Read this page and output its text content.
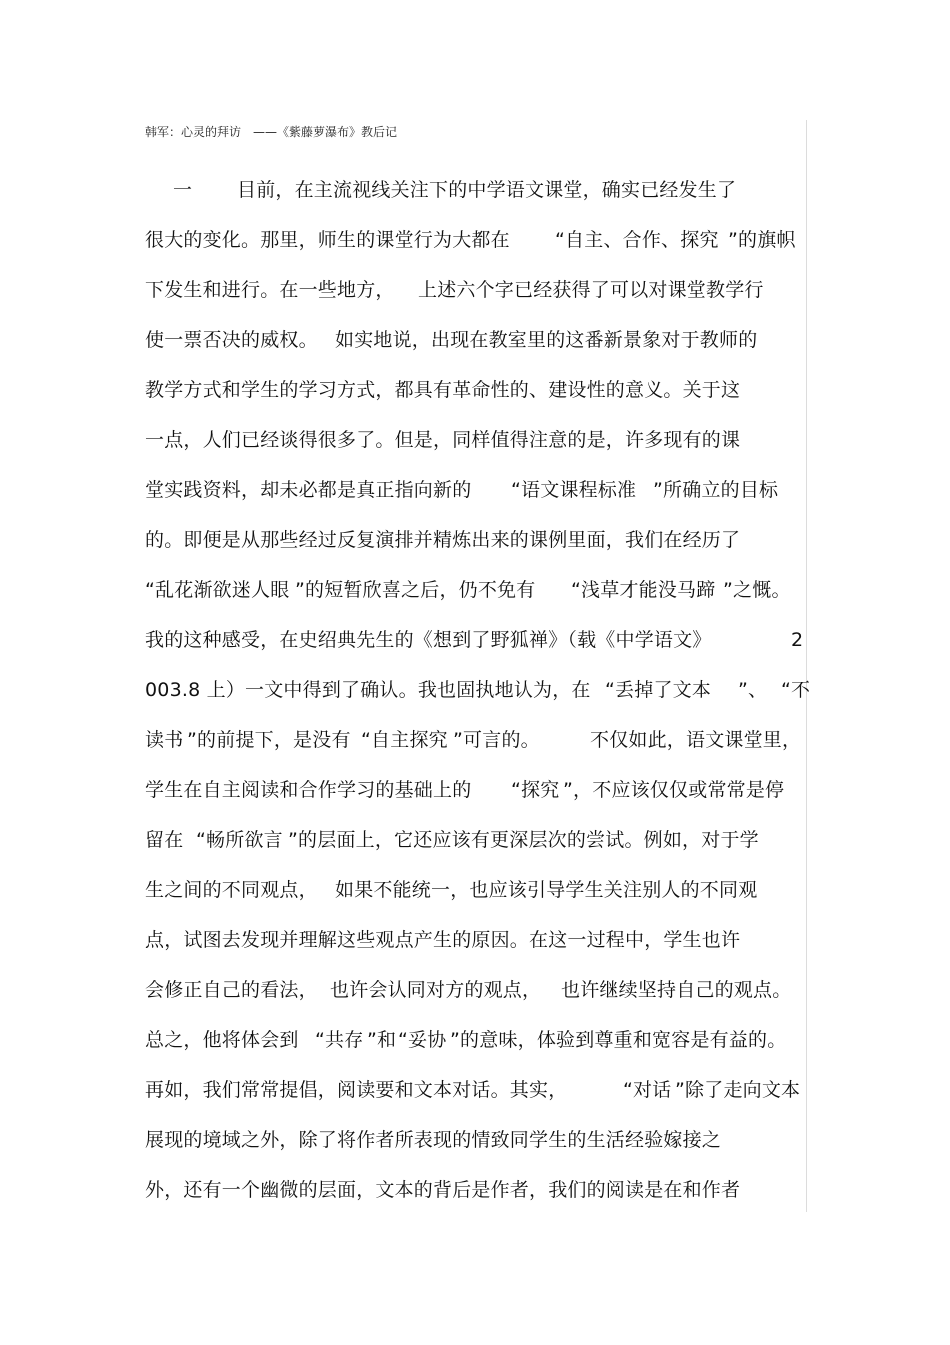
韩军：心灵的拜访　——《紫藤萝瀑布》教后记

一

目前，在主流视线关注下的中学语文课堂，确实已经发生了

很大的变化。那里，师生的课堂行为大都在

“自主、合作、探究

”的旗帜

下发生和进行。在一些地方，

上述六个字已经获得了可以对课堂教学行

使一票否决的威权。

如实地说，出现在教室里的这番新景象对于教师的

教学方式和学生的学习方式，都具有革命性的、建设性的意义。关于这

一点，人们已经谈得很多了。但是，同样值得注意的是，许多现有的课

堂实践资料，却未必都是真正指向新的

“语文课程标准

”所确立的目标

的。即便是从那些经过反复演排并精炼出来的课例里面，我们在经历了

“乱花渐欲迷人眼

”的短暂欣喜之后，仍不免有

“浅草才能没马蹄

”之慨。

我的这种感受，在史绍典先生的《想到了野狐禅》（载《中学语文》

	2

003.8 上）一文中得到了确认。我也固执地认为，在

“丢掉了文本

”、

“不

读书

”的前提下，是没有

“自主探究

”可言的。

	不仅如此，语文课堂里，

学生在自主阅读和合作学习的基础上的

“探究

”，不应该仅仅或常常是停

留在

“畅所欲言

”的层面上，它还应该有更深层次的尝试。例如，对于学

生之间的不同观点，

如果不能统一，也应该引导学生关注别人的不同观

点，试图去发现并理解这些观点产生的原因。在这一过程中，学生也许

会修正自己的看法，

也许会认同对方的观点，

也许继续坚持自己的观点。

总之，他将体会到

“共存

”和

“妥协

”的意味，体验到尊重和宽容是有益的。

再如，我们常常提倡，阅读要和文本对话。其实，

	“对话

”除了走向文本

展现的境域之外，除了将作者所表现的情致同学生的生活经验嫁接之

外，还有一个幽微的层面，文本的背后是作者，我们的阅读是在和作者
